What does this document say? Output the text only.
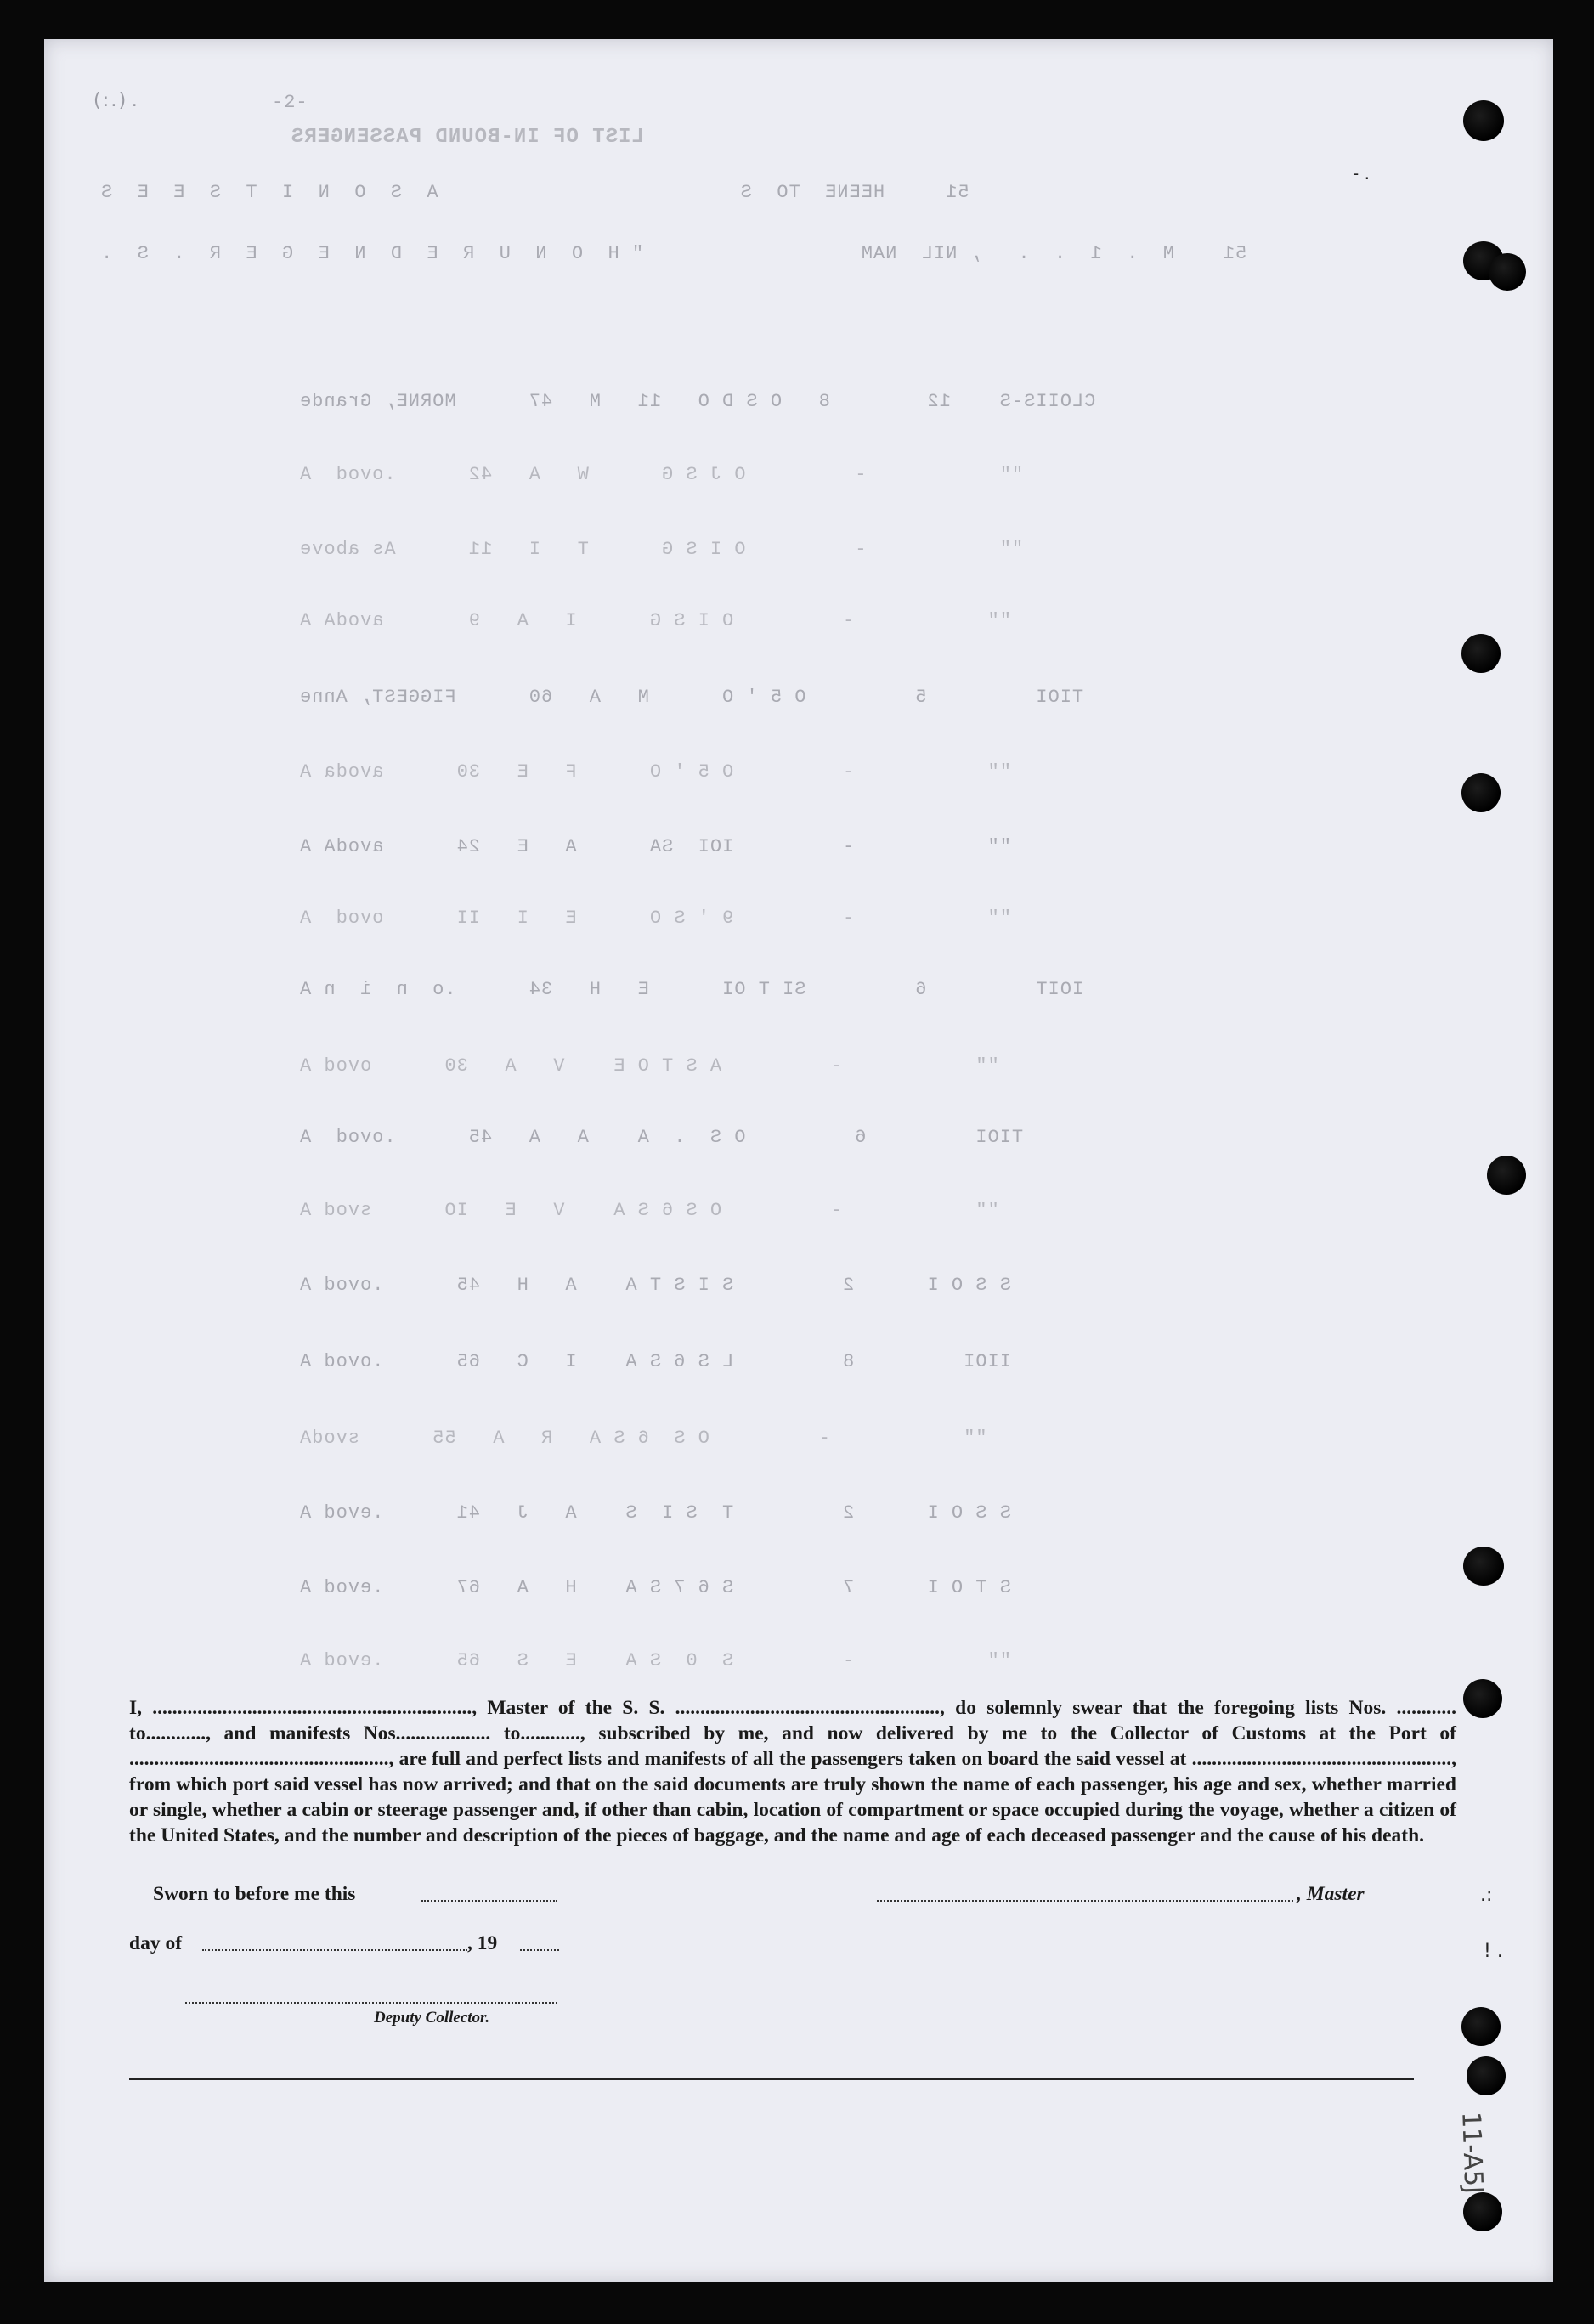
.:
! .
- .
11-A5J
-2-
( : . )   .
LIST OF IN-BOUND PASSENGERS
51     HEENE  TO  S                         A  S  O  N  I  T  S  E  E  S
51    M  .  1  .  .   , NIL  NAM                  " H  O  N  U  R  E  D  N  E  G  E  R  .  S  .
CLOIIS-S    12        8   O S D O   11   M   47      MORNE, Grande
""           -         O J S G      W   A   42      .ovod  A
""           -         O I S G      T   I   11      As above
""           -         O I S G      I   A   9       avodA A
TIOI         5         O 5 ' O      M   A   60      FIGGEST, Anne
""           -         O 5 ' O      F   E   30      avoda A
""           -         IOI  SA      A   E   24      avodA A
""           -         9 ' S O      E   I   II      ovod  A
IOIT         6         SI T OI      E   H   34      .o  n  i  n A
""           -         A S T O E    V   A   30      ovod A
TIOI         6         O S  .  A    A   A   45      .ovod  A
""           -         O S 6 S A    V   E   IO      svod A
S S O I      2         S I S T A    A   H   45      .ovod A
IIOI         8         L S 6 S A    I   C   65      .ovod A
""           -         O S  6 S A   R   A   55      svodA
S S O I      2         T  S I  S    A   J   41      .evod A
S T O I      7         S 6 7 S A    H   A   67      .evod A
""           -         S  0  S A    E   S   65      .evod A

I, ................................................................, Master of the S. S. ....................................................., do solemnly swear that the foregoing lists Nos. ............ to............, and manifests Nos................... to............, subscribed by me, and now delivered by me to the Collector of Customs at the Port of ...................................................., are full and perfect lists and manifests of all the passengers taken on board the said vessel at ...................................................., from which port said vessel has now arrived; and that on the said documents are truly shown the name of each passenger, his age and sex, whether married or single, whether a cabin or steerage passenger and, if other than cabin, location of compartment or space occupied during the voyage, whether a citizen of the United States, and the number and description of the pieces of baggage, and the name and age of each deceased passenger and the cause of his death.

Sworn to before me this	, Master
day of	, 19
Deputy Collector.
